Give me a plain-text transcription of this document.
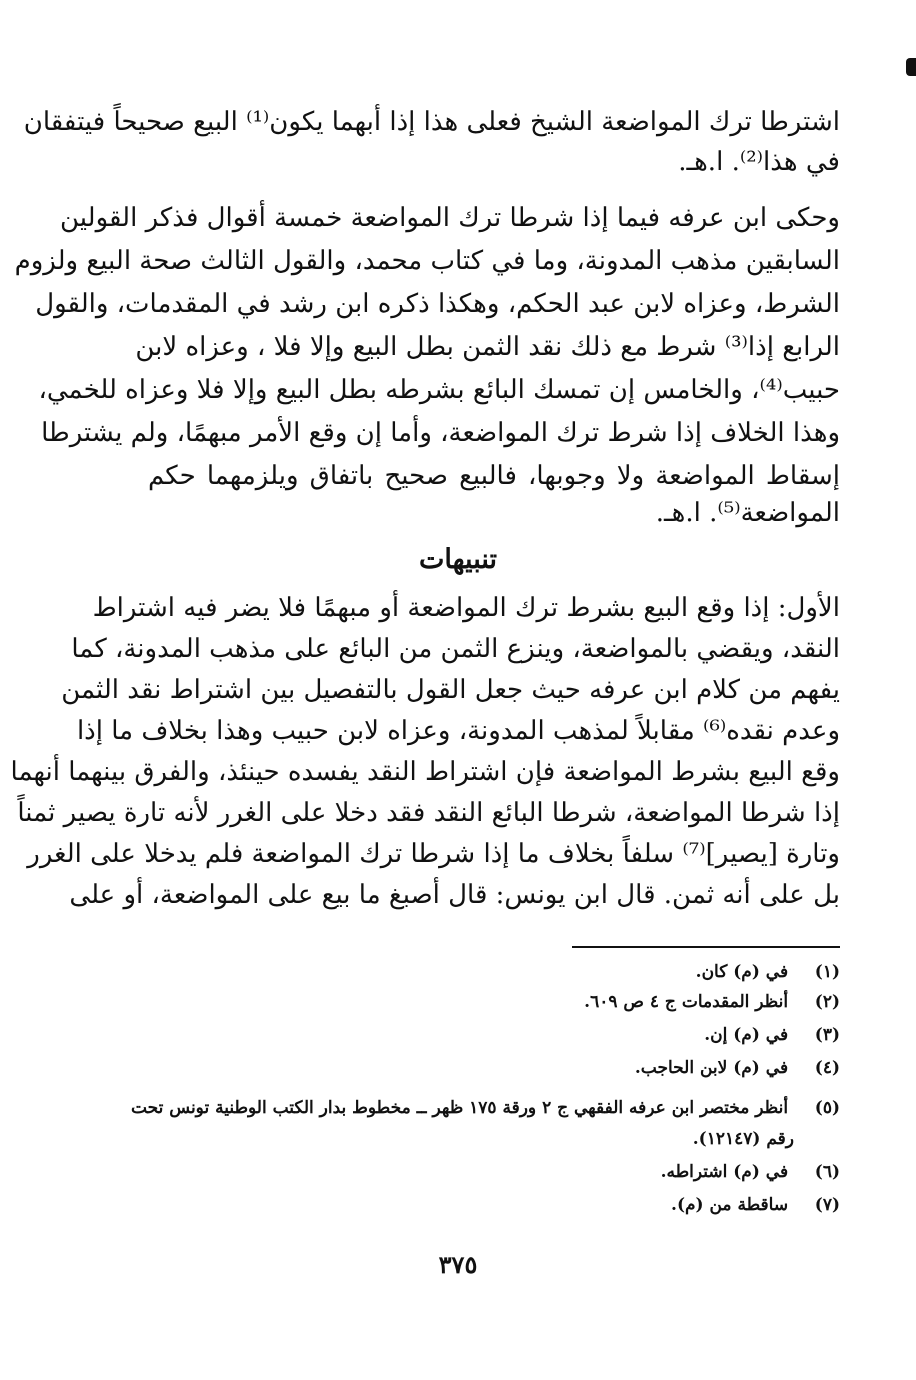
اشترطا ترك المواضعة الشيخ فعلى هذا إذا أبهما يكون⁽¹⁾ البيع صحيحاً فيتفقان
في هذا⁽²⁾. ا.هـ.
وحكى ابن عرفه فيما إذا شرطا ترك المواضعة خمسة أقوال فذكر القولين
السابقين مذهب المدونة، وما في كتاب محمد، والقول الثالث صحة البيع ولزوم
الشرط، وعزاه لابن عبد الحكم، وهكذا ذكره ابن رشد في المقدمات، والقول
الرابع إذا⁽³⁾ شرط مع ذلك نقد الثمن بطل البيع وإلا فلا ، وعزاه لابن
حبيب⁽⁴⁾، والخامس إن تمسك البائع بشرطه بطل البيع وإلا فلا وعزاه للخمي،
وهذا الخلاف إذا شرط ترك المواضعة، وأما إن وقع الأمر مبهمًا، ولم يشترطا
إسقاط المواضعة ولا وجوبها، فالبيع صحيح باتفاق ويلزمهما حكم
المواضعة⁽⁵⁾. ا.هـ.
تنبيهات
الأول: إذا وقع البيع بشرط ترك المواضعة أو مبهمًا فلا يضر فيه اشتراط
النقد، ويقضي بالمواضعة، وينزع الثمن من البائع على مذهب المدونة، كما
يفهم من كلام ابن عرفه حيث جعل القول بالتفصيل بين اشتراط نقد الثمن
وعدم نقده⁽⁶⁾ مقابلاً لمذهب المدونة، وعزاه لابن حبيب وهذا بخلاف ما إذا
وقع البيع بشرط المواضعة فإن اشتراط النقد يفسده حينئذ، والفرق بينهما أنهما
إذا شرطا المواضعة، شرطا البائع النقد فقد دخلا على الغرر لأنه تارة يصير ثمناً
وتارة [يصير]⁽⁷⁾ سلفاً بخلاف ما إذا شرطا ترك المواضعة فلم يدخلا على الغرر
بل على أنه ثمن. قال ابن يونس: قال أصبغ ما بيع على المواضعة، أو على
(١) في (م) كان.
(٢) أنظر المقدمات ج ٤ ص ٦٠٩.
(٣) في (م) إن.
(٤) في (م) لابن الحاجب.
(٥) أنظر مختصر ابن عرفه الفقهي ج ٢ ورقة ١٧٥ ظهر ــ مخطوط بدار الكتب الوطنية تونس تحت
رقم (١٢١٤٧).
(٦) في (م) اشتراطه.
(٧) ساقطة من (م).
٣٧٥
